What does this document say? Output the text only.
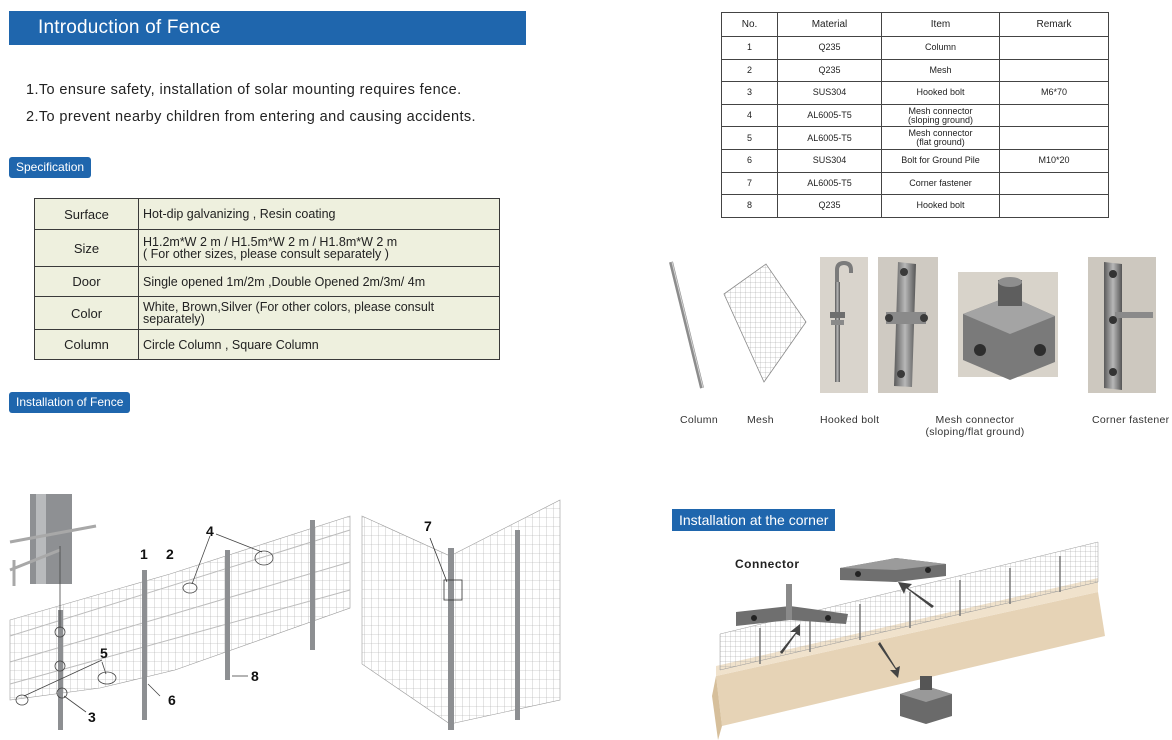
Introduction of Fence
1.To ensure safety, installation of solar mounting requires fence.
2.To prevent nearby children from entering and causing accidents.
Specification
Surface	Hot-dip galvanizing , Resin coating
Size	H1.2m*W 2 m / H1.5m*W 2 m / H1.8m*W 2 m
( For other sizes, please consult separately )

Door	Single opened 1m/2m ,Double Opened 2m/3m/ 4m
Color	White, Brown,Silver (For other colors, please consult separately)
Column	Circle Column , Square Column
Installation of Fence
No.	Material	Item	Remark
1	Q235	Column	
2	Q235	Mesh	
3	SUS304	Hooked bolt	M6*70
4	AL6005-T5	Mesh connector
(sloping ground)	

5	AL6005-T5	Mesh connector
(flat ground)	

6	SUS304	Bolt for Ground Pile	M10*20
7	AL6005-T5	Corner fastener	
8	Q235	Hooked bolt	
Column	Mesh	Hooked bolt	Mesh connector
(sloping/flat ground)
Corner fastener
1 2
3
4
5
6
7
8
Installation at the corner
Connector
